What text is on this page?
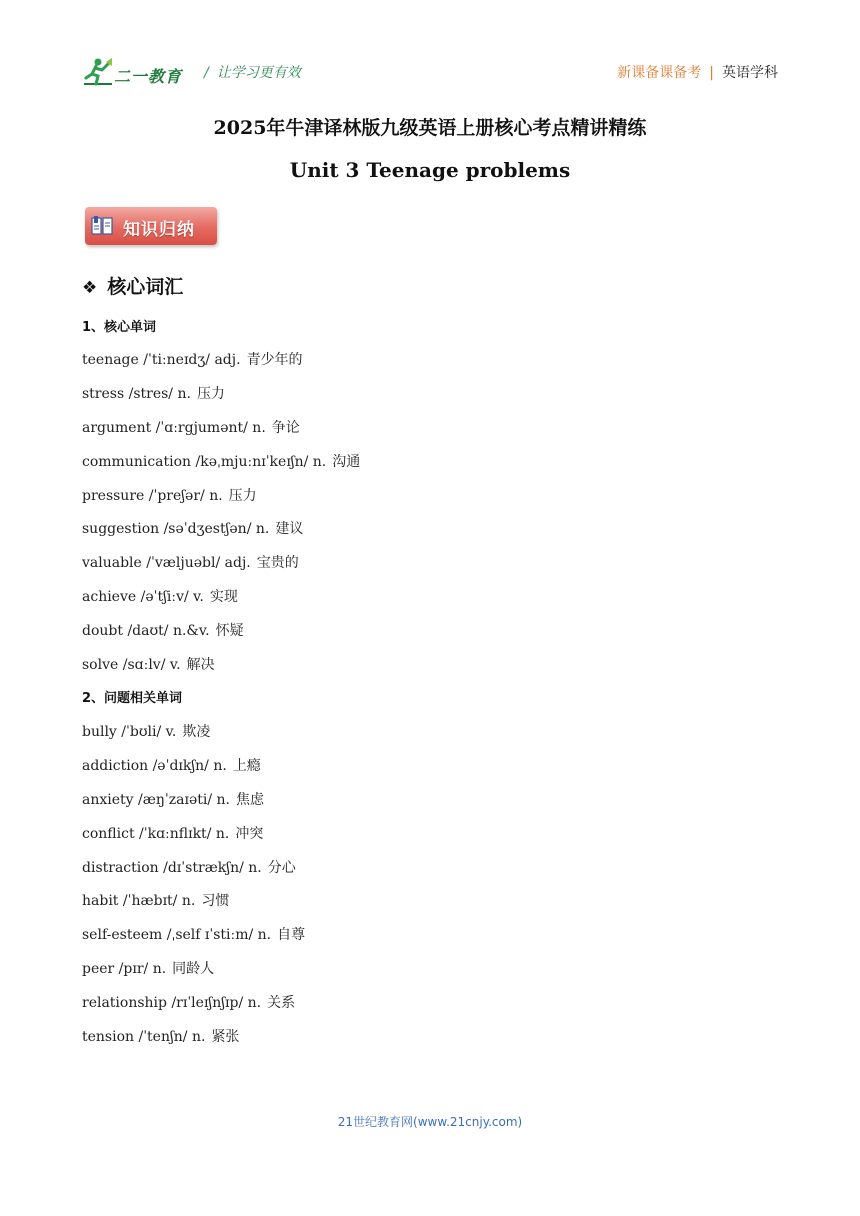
二一教育 / 让学习更有效	新课备课备考 | 英语学科
2025年牛津译林版九级英语上册核心考点精讲精练
Unit 3 Teenage problems
知识归纳
❖ 核心词汇
1、核心单词
teenage /ˈtiːneɪdʒ/ adj. 青少年的
stress /stres/ n. 压力
argument /ˈɑːrgjumənt/ n. 争论
communication /kəˌmjuːnɪˈkeɪʃn/ n. 沟通
pressure /ˈpreʃər/ n. 压力
suggestion /səˈdʒestʃən/ n. 建议
valuable /ˈvæljuəbl/ adj. 宝贵的
achieve /əˈtʃiːv/ v. 实现
doubt /daʊt/ n.&v. 怀疑
solve /sɑːlv/ v. 解决
2、问题相关单词
bully /ˈbʊli/ v. 欺凌
addiction /əˈdɪkʃn/ n. 上瘾
anxiety /æŋˈzaɪəti/ n. 焦虑
conflict /ˈkɑːnflɪkt/ n. 冲突
distraction /dɪˈstrækʃn/ n. 分心
habit /ˈhæbɪt/ n. 习惯
self-esteem /ˌself ɪˈstiːm/ n. 自尊
peer /pɪr/ n. 同龄人
relationship /rɪˈleɪʃnʃɪp/ n. 关系
tension /ˈtenʃn/ n. 紧张
21世纪教育网(www.21cnjy.com)
